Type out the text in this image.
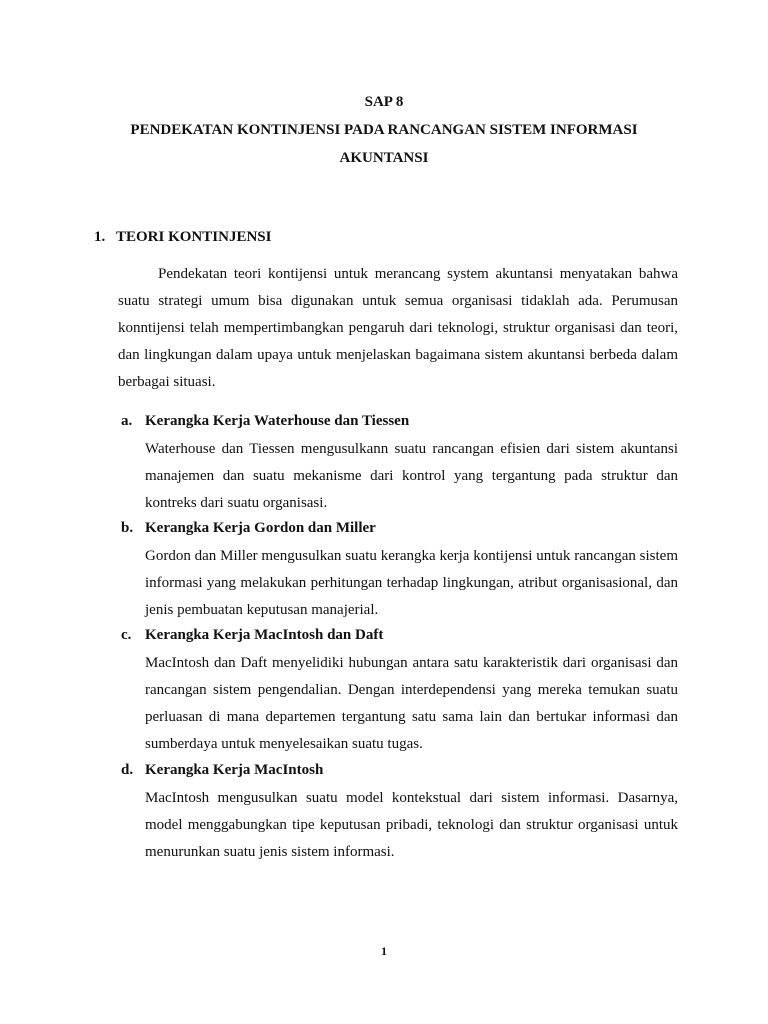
SAP 8
PENDEKATAN KONTINJENSI PADA RANCANGAN SISTEM INFORMASI
AKUNTANSI
1. TEORI KONTINJENSI

Pendekatan teori kontijensi untuk merancang system akuntansi menyatakan bahwa suatu strategi umum bisa digunakan untuk semua organisasi tidaklah ada. Perumusan konntijensi telah mempertimbangkan pengaruh dari teknologi, struktur organisasi dan teori, dan lingkungan dalam upaya untuk menjelaskan bagaimana sistem akuntansi berbeda dalam berbagai situasi.

a. Kerangka Kerja Waterhouse dan Tiessen

Waterhouse dan Tiessen mengusulkann suatu rancangan efisien dari sistem akuntansi manajemen dan suatu mekanisme dari kontrol yang tergantung pada struktur dan kontreks dari suatu organisasi.

b. Kerangka Kerja Gordon dan Miller

Gordon dan Miller mengusulkan suatu kerangka kerja kontijensi untuk rancangan sistem informasi yang melakukan perhitungan terhadap lingkungan, atribut organisasional, dan jenis pembuatan keputusan manajerial.

c. Kerangka Kerja MacIntosh dan Daft

MacIntosh dan Daft menyelidiki hubungan antara satu karakteristik dari organisasi dan rancangan sistem pengendalian. Dengan interdependensi yang mereka temukan suatu perluasan di mana departemen tergantung satu sama lain dan bertukar informasi dan sumberdaya untuk menyelesaikan suatu tugas.

d. Kerangka Kerja MacIntosh

MacIntosh mengusulkan suatu model kontekstual dari sistem informasi. Dasarnya, model menggabungkan tipe keputusan pribadi, teknologi dan struktur organisasi untuk menurunkan suatu jenis sistem informasi.

1
